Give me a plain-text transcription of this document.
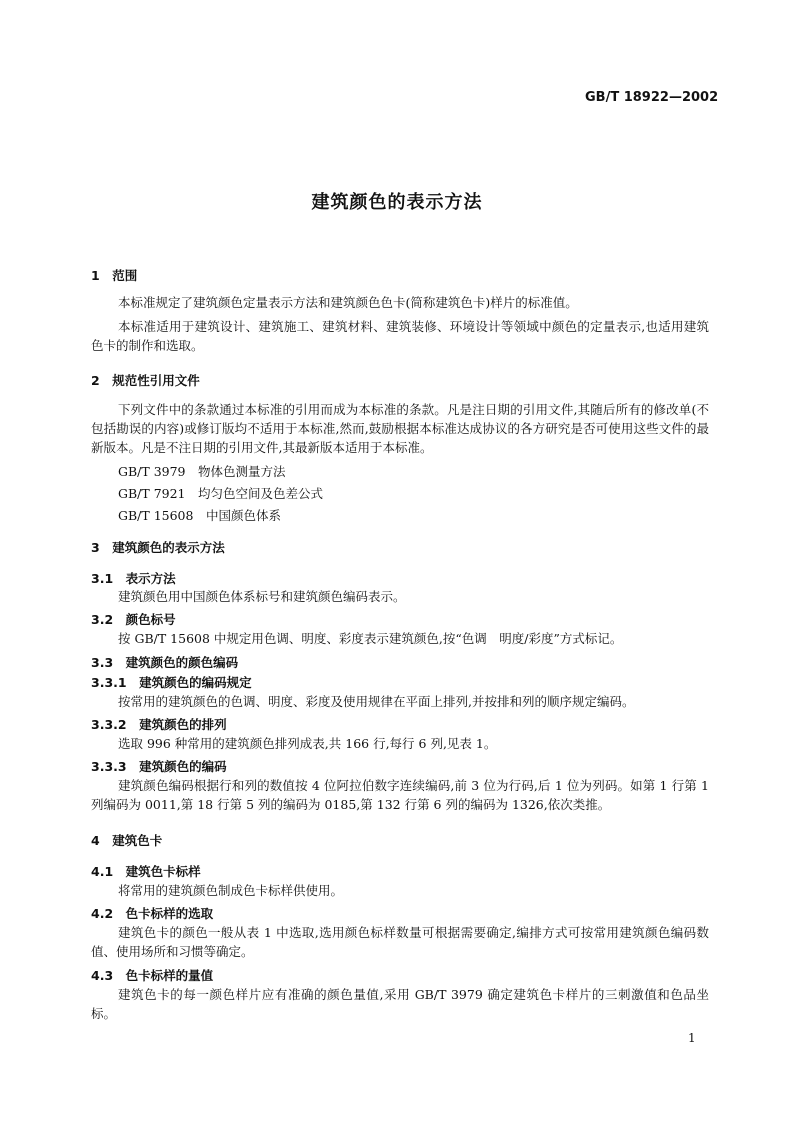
GB/T 18922—2002
建筑颜色的表示方法
1　范围
本标准规定了建筑颜色定量表示方法和建筑颜色色卡(简称建筑色卡)样片的标准值。
本标准适用于建筑设计、建筑施工、建筑材料、建筑装修、环境设计等领域中颜色的定量表示,也适用建筑色卡的制作和选取。
2　规范性引用文件
下列文件中的条款通过本标准的引用而成为本标准的条款。凡是注日期的引用文件,其随后所有的修改单(不包括勘误的内容)或修订版均不适用于本标准,然而,鼓励根据本标准达成协议的各方研究是否可使用这些文件的最新版本。凡是不注日期的引用文件,其最新版本适用于本标准。
GB/T 3979　物体色测量方法
GB/T 7921　均匀色空间及色差公式
GB/T 15608　中国颜色体系
3　建筑颜色的表示方法
3.1　表示方法
建筑颜色用中国颜色体系标号和建筑颜色编码表示。
3.2　颜色标号
按 GB/T 15608 中规定用色调、明度、彩度表示建筑颜色,按“色调　明度/彩度”方式标记。
3.3　建筑颜色的颜色编码
3.3.1　建筑颜色的编码规定
按常用的建筑颜色的色调、明度、彩度及使用规律在平面上排列,并按排和列的顺序规定编码。
3.3.2　建筑颜色的排列
选取 996 种常用的建筑颜色排列成表,共 166 行,每行 6 列,见表 1。
3.3.3　建筑颜色的编码
建筑颜色编码根据行和列的数值按 4 位阿拉伯数字连续编码,前 3 位为行码,后 1 位为列码。如第 1 行第 1 列编码为 0011,第 18 行第 5 列的编码为 0185,第 132 行第 6 列的编码为 1326,依次类推。
4　建筑色卡
4.1　建筑色卡标样
将常用的建筑颜色制成色卡标样供使用。
4.2　色卡标样的选取
建筑色卡的颜色一般从表 1 中选取,选用颜色标样数量可根据需要确定,编排方式可按常用建筑颜色编码数值、使用场所和习惯等确定。
4.3　色卡标样的量值
建筑色卡的每一颜色样片应有准确的颜色量值,采用 GB/T 3979 确定建筑色卡样片的三刺激值和色品坐标。
1
